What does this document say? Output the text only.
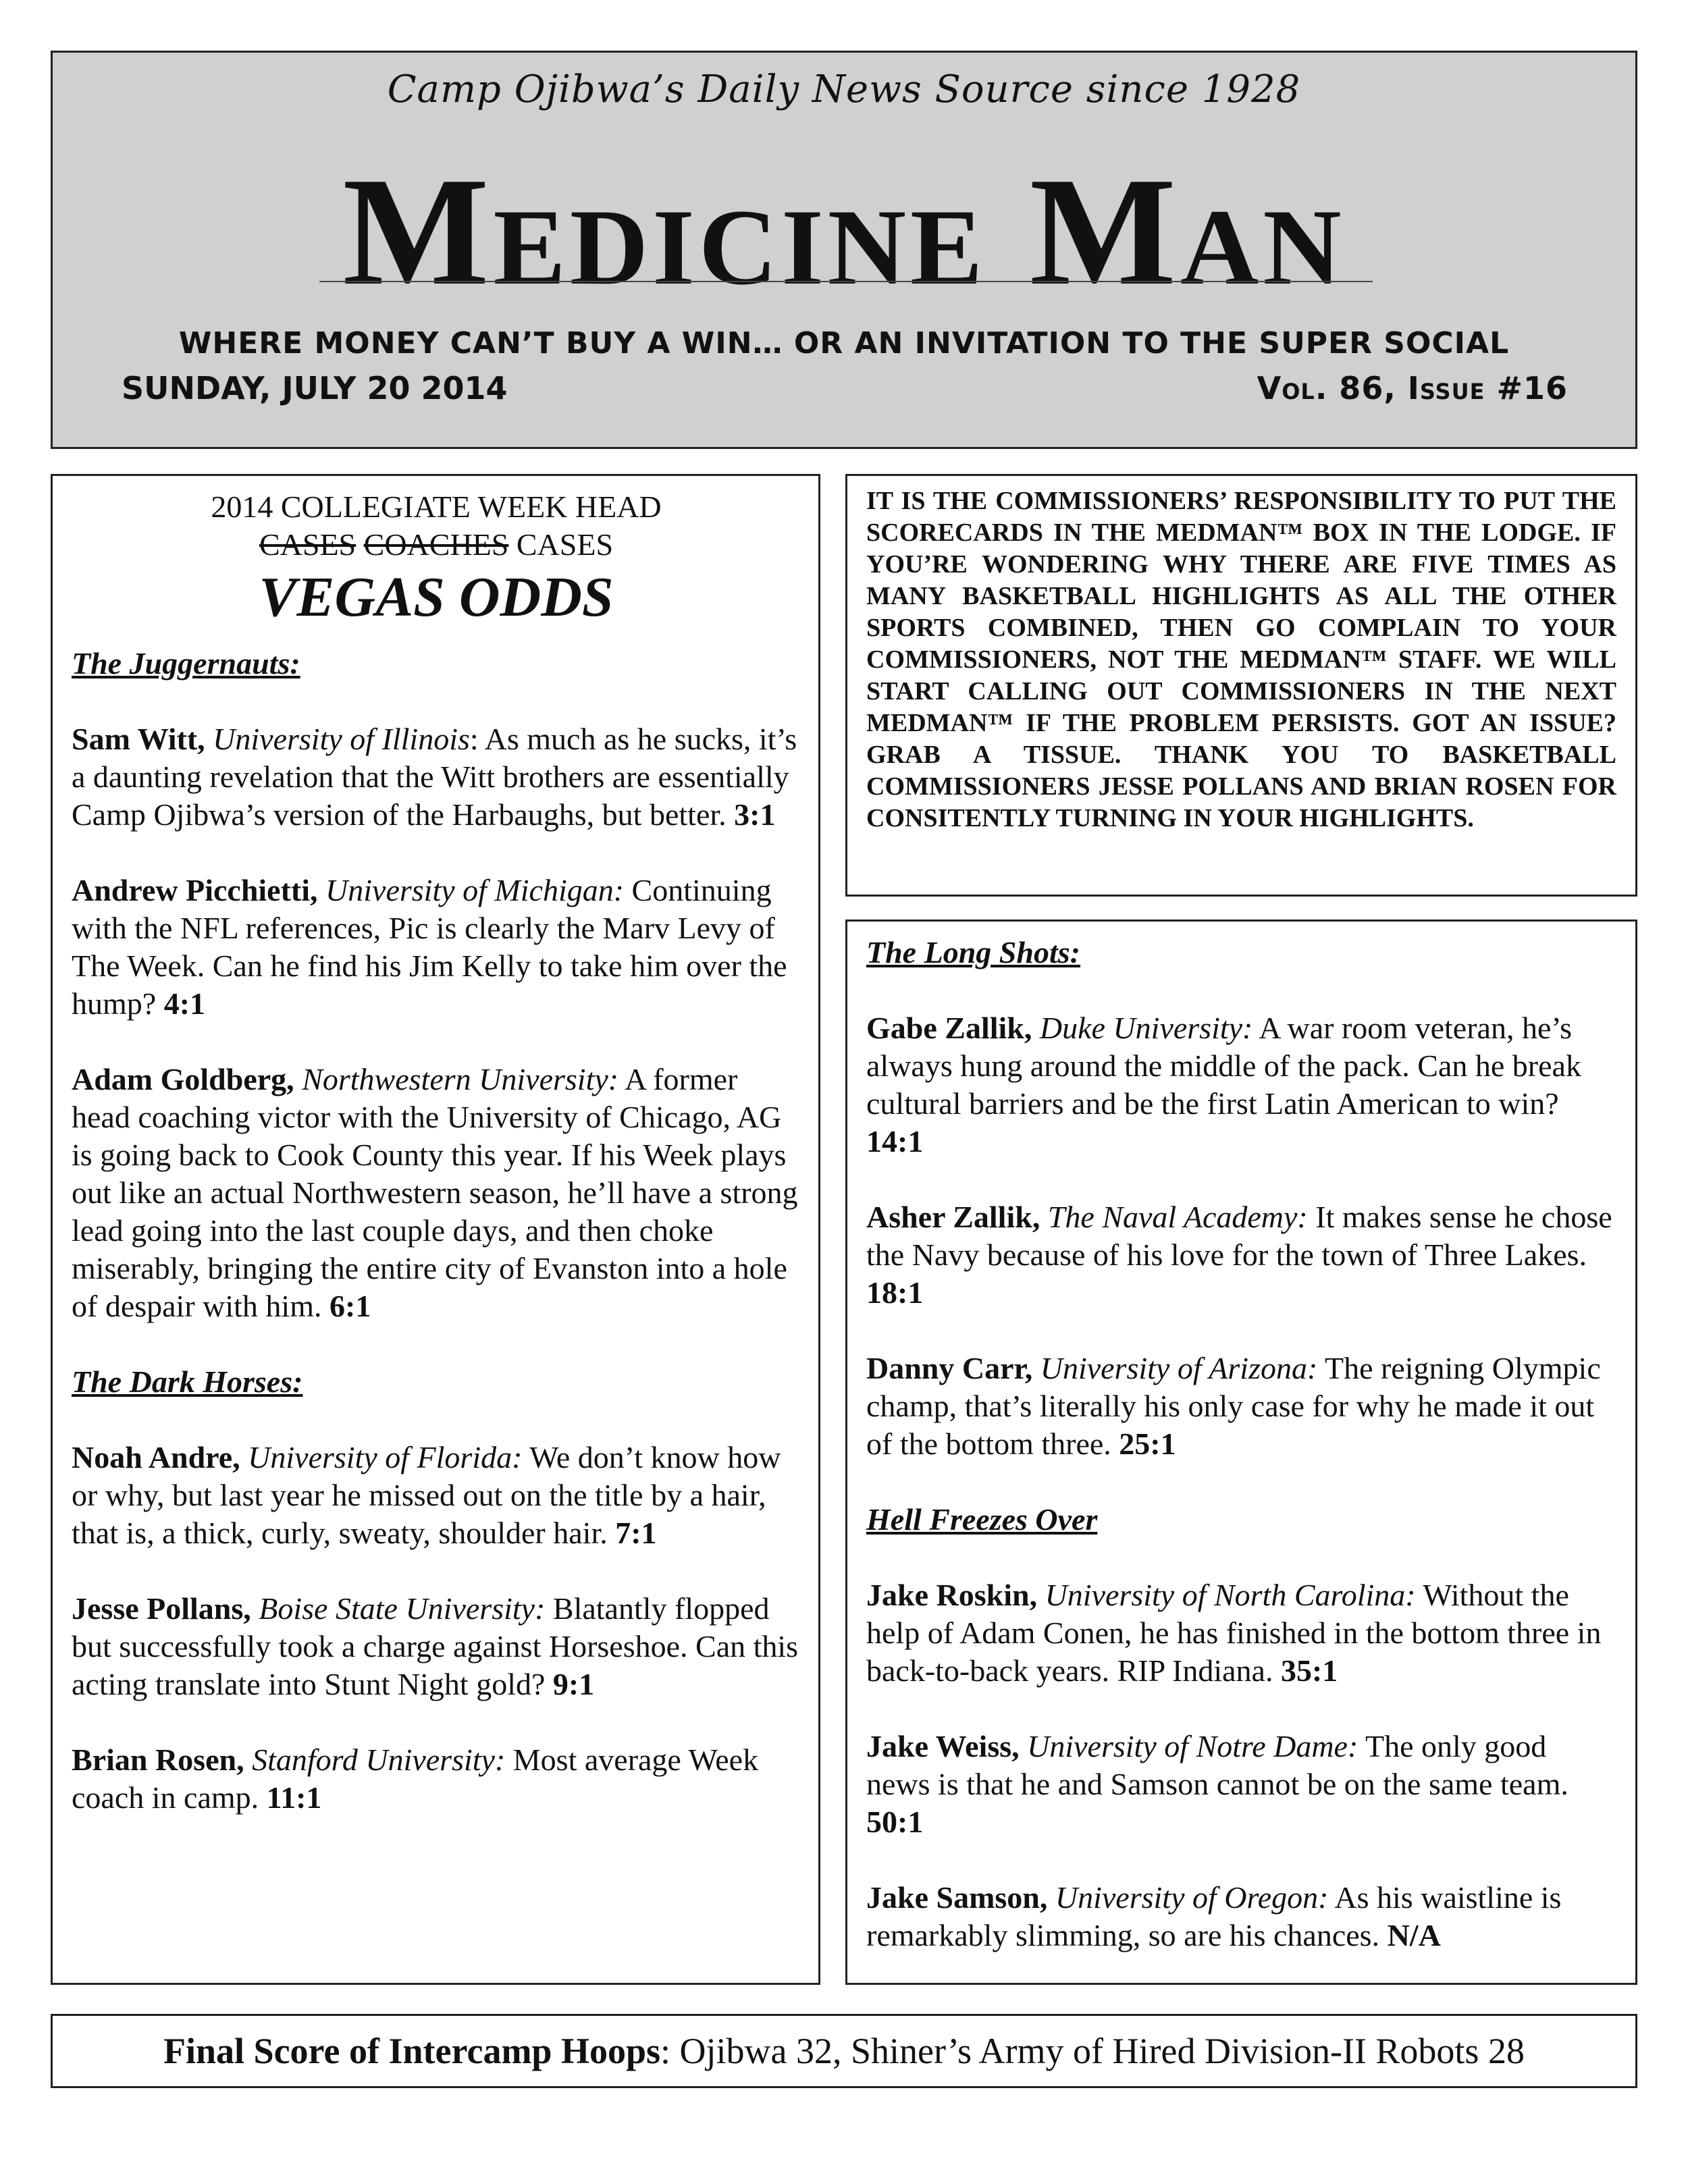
Camp Ojibwa’s Daily News Source since 1928
Medicine Man
WHERE MONEY CAN’T BUY A WIN… OR AN INVITATION TO THE SUPER SOCIAL
SUNDAY, JULY 20 2014	Vol. 86, Issue #16
2014 COLLEGIATE WEEK HEAD
CASES COACHES CASES
VEGAS ODDS
The Juggernauts:
Sam Witt, University of Illinois: As much as he sucks, it’s a daunting revelation that the Witt brothers are essentially Camp Ojibwa’s version of the Harbaughs, but better. 3:1
Andrew Picchietti, University of Michigan: Continuing with the NFL references, Pic is clearly the Marv Levy of The Week. Can he find his Jim Kelly to take him over the hump? 4:1
Adam Goldberg, Northwestern University: A former head coaching victor with the University of Chicago, AG is going back to Cook County this year. If his Week plays out like an actual Northwestern season, he’ll have a strong lead going into the last couple days, and then choke miserably, bringing the entire city of Evanston into a hole of despair with him. 6:1
The Dark Horses:
Noah Andre, University of Florida: We don’t know how or why, but last year he missed out on the title by a hair, that is, a thick, curly, sweaty, shoulder hair. 7:1
Jesse Pollans, Boise State University: Blatantly flopped but successfully took a charge against Horseshoe. Can this acting translate into Stunt Night gold? 9:1
Brian Rosen, Stanford University: Most average Week coach in camp. 11:1
IT IS THE COMMISSIONERS’ RESPONSIBILITY TO PUT THE SCORECARDS IN THE MEDMAN™ BOX IN THE LODGE. IF YOU’RE WONDERING WHY THERE ARE FIVE TIMES AS MANY BASKETBALL HIGHLIGHTS AS ALL THE OTHER SPORTS COMBINED, THEN GO COMPLAIN TO YOUR COMMISSIONERS, NOT THE MEDMAN™ STAFF. WE WILL START CALLING OUT COMMISSIONERS IN THE NEXT MEDMAN™ IF THE PROBLEM PERSISTS. GOT AN ISSUE? GRAB A TISSUE. THANK YOU TO BASKETBALL COMMISSIONERS JESSE POLLANS AND BRIAN ROSEN FOR CONSITENTLY TURNING IN YOUR HIGHLIGHTS.
The Long Shots:
Gabe Zallik, Duke University: A war room veteran, he’s always hung around the middle of the pack. Can he break cultural barriers and be the first Latin American to win? 14:1
Asher Zallik, The Naval Academy: It makes sense he chose the Navy because of his love for the town of Three Lakes. 18:1
Danny Carr, University of Arizona: The reigning Olympic champ, that’s literally his only case for why he made it out of the bottom three. 25:1
Hell Freezes Over
Jake Roskin, University of North Carolina: Without the help of Adam Conen, he has finished in the bottom three in back-to-back years. RIP Indiana. 35:1
Jake Weiss, University of Notre Dame: The only good news is that he and Samson cannot be on the same team. 50:1
Jake Samson, University of Oregon: As his waistline is remarkably slimming, so are his chances. N/A
Final Score of Intercamp Hoops: Ojibwa 32, Shiner’s Army of Hired Division-II Robots 28
